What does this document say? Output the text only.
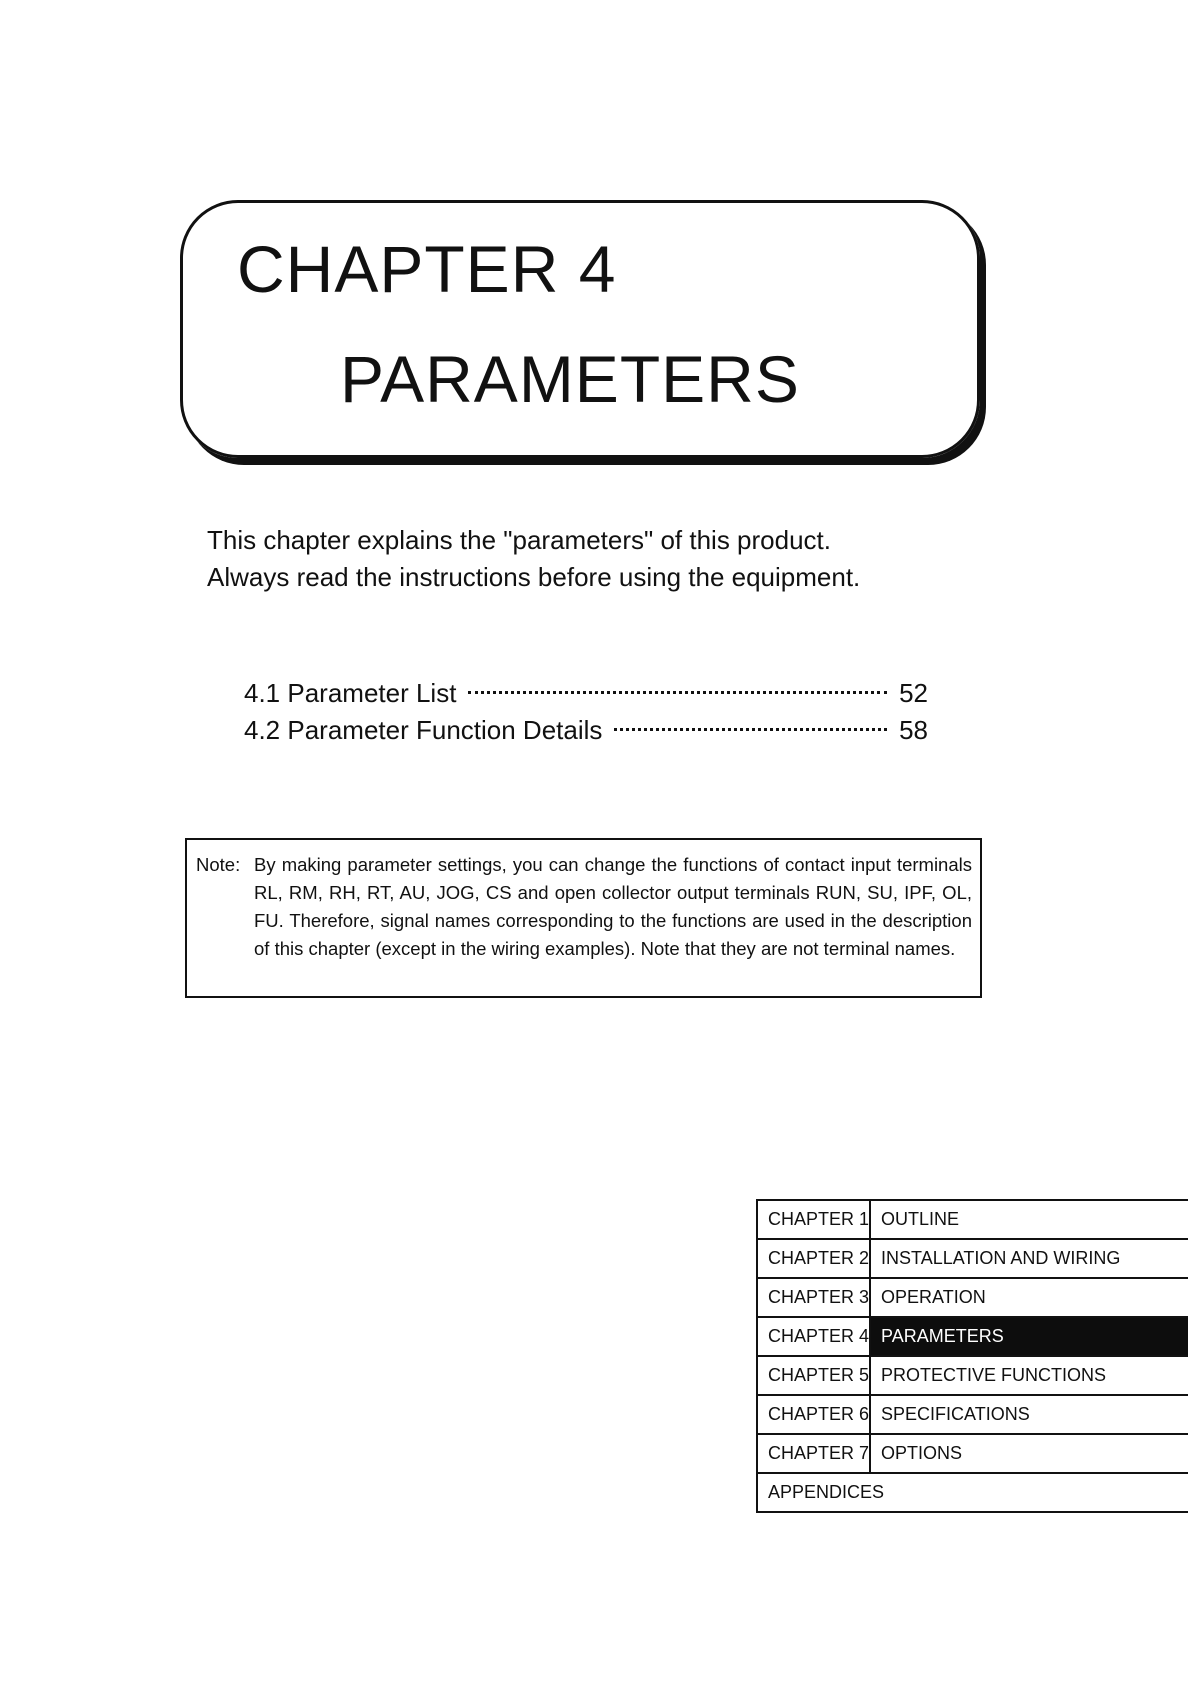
CHAPTER 4
PARAMETERS

This chapter explains the "parameters" of this product.

Always read the instructions before using the equipment.

4.1 Parameter List	52
4.2 Parameter Function Details	58
Note: By making parameter settings, you can change the functions of contact input terminals RL, RM, RH, RT, AU, JOG, CS and open collector output terminals RUN, SU, IPF, OL, FU. Therefore, signal names corresponding to the functions are used in the description of this chapter (except in the wiring examples). Note that they are not terminal names.
CHAPTER 1	OUTLINE
CHAPTER 2	INSTALLATION AND WIRING
CHAPTER 3	OPERATION
CHAPTER 4	PARAMETERS
CHAPTER 5	PROTECTIVE FUNCTIONS
CHAPTER 6	SPECIFICATIONS
CHAPTER 7	OPTIONS
APPENDICES	
